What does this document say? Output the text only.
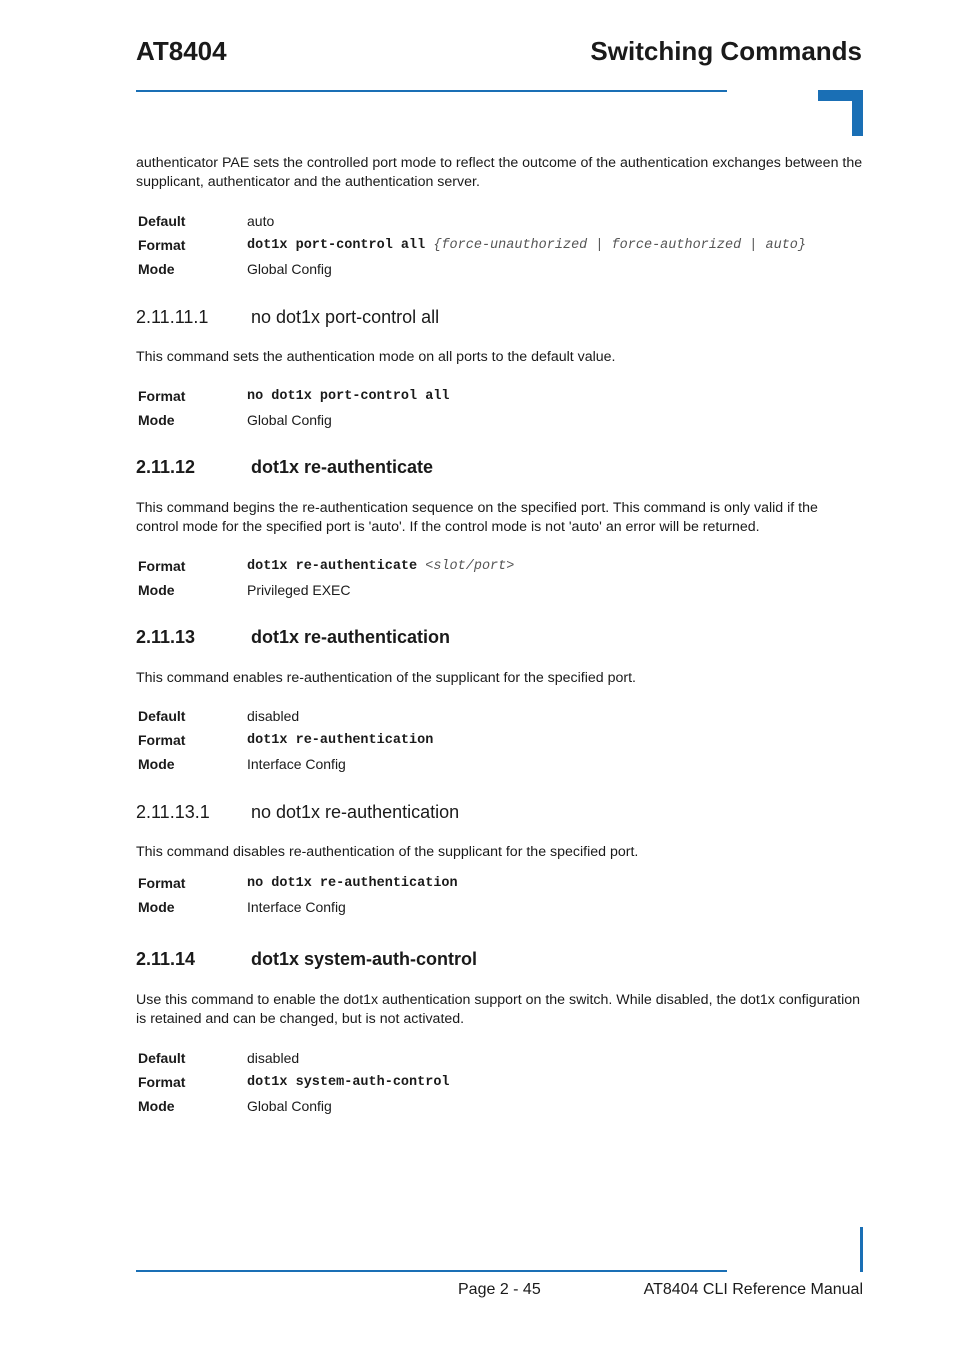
AT8404	Switching Commands
authenticator PAE sets the controlled port mode to reflect the outcome of the authentication exchanges between the supplicant, authenticator and the authentication server.
Default	auto
Format	dot1x port-control all {force-unauthorized | force-authorized | auto}
Mode	Global Config
2.11.11.1 no dot1x port-control all
This command sets the authentication mode on all ports to the default value.
Format	no dot1x port-control all
Mode	Global Config
2.11.12	dot1x re-authenticate
This command begins the re-authentication sequence on the specified port. This command is only valid if the control mode for the specified port is 'auto'. If the control mode is not 'auto' an error will be returned.
Format	dot1x re-authenticate <slot/port>
Mode	Privileged EXEC
2.11.13	dot1x re-authentication
This command enables re-authentication of the supplicant for the specified port.
Default	disabled
Format	dot1x re-authentication
Mode	Interface Config
2.11.13.1 no dot1x re-authentication
This command disables re-authentication of the supplicant for the specified port.
Format	no dot1x re-authentication
Mode	Interface Config
2.11.14	dot1x system-auth-control
Use this command to enable the dot1x authentication support on the switch. While disabled, the dot1x configuration is retained and can be changed, but is not activated.
Default	disabled
Format	dot1x system-auth-control
Mode	Global Config
Page 2 - 45	AT8404 CLI Reference Manual
